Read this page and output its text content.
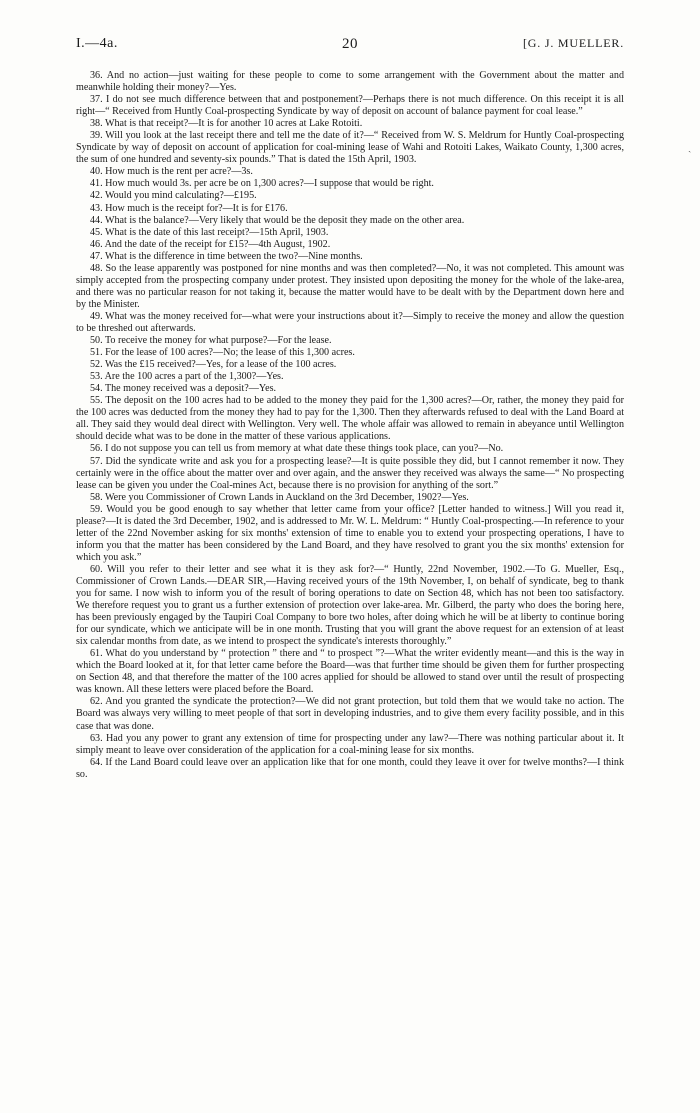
I.—4a.	20	[G. J. MUELLER.
ˏ

36. And no action—just waiting for these people to come to some arrangement with the Government about the matter and meanwhile holding their money?—Yes.

37. I do not see much difference between that and postponement?—Perhaps there is not much difference. On this receipt it is all right—“ Received from Huntly Coal-prospecting Syndicate by way of deposit on account of balance payment for coal lease.”

38. What is that receipt?—It is for another 10 acres at Lake Rotoiti.

39. Will you look at the last receipt there and tell me the date of it?—“ Received from W. S. Meldrum for Huntly Coal-prospecting Syndicate by way of deposit on account of application for coal-mining lease of Wahi and Rotoiti Lakes, Waikato County, 1,300 acres, the sum of one hundred and seventy-six pounds.” That is dated the 15th April, 1903.

40. How much is the rent per acre?—3s.

41. How much would 3s. per acre be on 1,300 acres?—I suppose that would be right.

42. Would you mind calculating?—£195.

43. How much is the receipt for?—It is for £176.

44. What is the balance?—Very likely that would be the deposit they made on the other area.

45. What is the date of this last receipt?—15th April, 1903.

46. And the date of the receipt for £15?—4th August, 1902.

47. What is the difference in time between the two?—Nine months.

48. So the lease apparently was postponed for nine months and was then completed?—No, it was not completed. This amount was simply accepted from the prospecting company under protest. They insisted upon depositing the money for the whole of the lake-area, and there was no particular reason for not taking it, because the matter would have to be dealt with by the Department down here and by the Minister.

49. What was the money received for—what were your instructions about it?—Simply to receive the money and allow the question to be threshed out afterwards.

50. To receive the money for what purpose?—For the lease.

51. For the lease of 100 acres?—No; the lease of this 1,300 acres.

52. Was the £15 received?—Yes, for a lease of the 100 acres.

53. Are the 100 acres a part of the 1,300?—Yes.

54. The money received was a deposit?—Yes.

55. The deposit on the 100 acres had to be added to the money they paid for the 1,300 acres?—Or, rather, the money they paid for the 100 acres was deducted from the money they had to pay for the 1,300. Then they afterwards refused to deal with the Land Board at all. They said they would deal direct with Wellington. Very well. The whole affair was allowed to remain in abeyance until Wellington should decide what was to be done in the matter of these various applications.

56. I do not suppose you can tell us from memory at what date these things took place, can you?—No.

57. Did the syndicate write and ask you for a prospecting lease?—It is quite possible they did, but I cannot remember it now. They certainly were in the office about the matter over and over again, and the answer they received was always the same—“ No prospecting lease can be given you under the Coal-mines Act, because there is no provision for anything of the sort.”

58. Were you Commissioner of Crown Lands in Auckland on the 3rd December, 1902?—Yes.

59. Would you be good enough to say whether that letter came from your office? [Letter handed to witness.] Will you read it, please?—It is dated the 3rd December, 1902, and is addressed to Mr. W. L. Meldrum: “ Huntly Coal-prospecting.—In reference to your letter of the 22nd November asking for six months' extension of time to enable you to extend your prospecting operations, I have to inform you that the matter has been considered by the Land Board, and they have resolved to grant you the six months' extension for which you ask.”

60. Will you refer to their letter and see what it is they ask for?—“ Huntly, 22nd November, 1902.—To G. Mueller, Esq., Commissioner of Crown Lands.—DEAR SIR,—Having received yours of the 19th November, I, on behalf of syndicate, beg to thank you for same. I now wish to inform you of the result of boring operations to date on Section 48, which has not been too satisfactory. We therefore request you to grant us a further extension of protection over lake-area. Mr. Gilberd, the party who does the boring here, has been previously engaged by the Taupiri Coal Company to bore two holes, after doing which he will be at liberty to continue boring for our syndicate, which we anticipate will be in one month. Trusting that you will grant the above request for an extension of at least six calendar months from date, as we intend to prospect the syndicate's interests thoroughly.”

61. What do you understand by “ protection ” there and “ to prospect ”?—What the writer evidently meant—and this is the way in which the Board looked at it, for that letter came before the Board—was that further time should be given them for further prospecting on Section 48, and that therefore the matter of the 100 acres applied for should be allowed to stand over until the result of prospecting was known. All these letters were placed before the Board.

62. And you granted the syndicate the protection?—We did not grant protection, but told them that we would take no action. The Board was always very willing to meet people of that sort in developing industries, and to give them every facility possible, and in this case that was done.

63. Had you any power to grant any extension of time for prospecting under any law?—There was nothing particular about it. It simply meant to leave over consideration of the application for a coal-mining lease for six months.

64. If the Land Board could leave over an application like that for one month, could they leave it over for twelve months?—I think so.
